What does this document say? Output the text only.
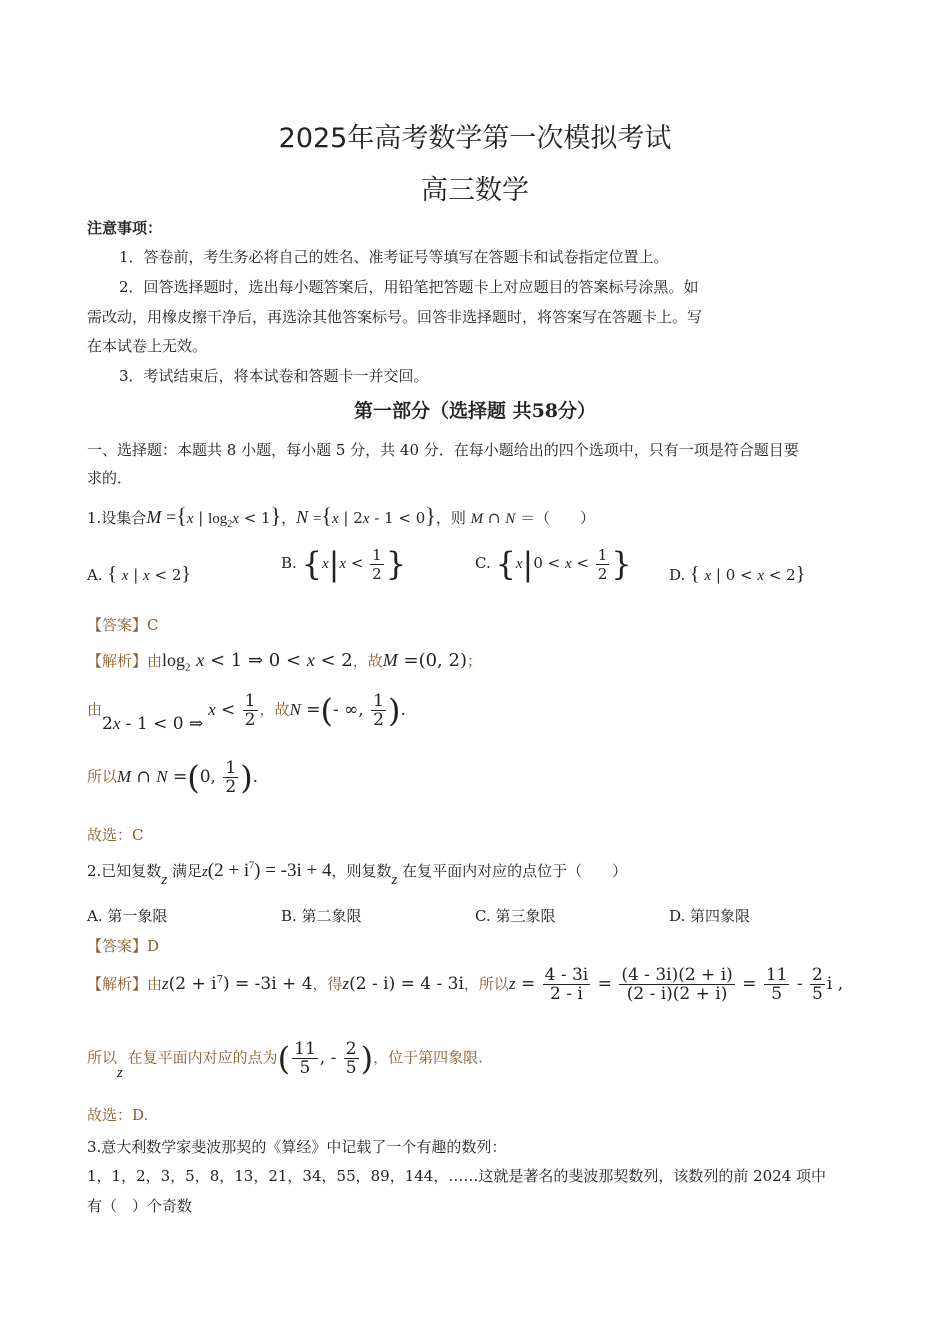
2025年高考数学第一次模拟考试
高三数学
注意事项：
1．答卷前，考生务必将自己的姓名、准考证号等填写在答题卡和试卷指定位置上。
2．回答选择题时，选出每小题答案后，用铅笔把答题卡上对应题目的答案标号涂黑。如
需改动，用橡皮擦干净后，再选涂其他答案标号。回答非选择题时，将答案写在答题卡上。写
在本试卷上无效。
3．考试结束后，将本试卷和答题卡一并交回。
第一部分（选择题 共58分）
一、选择题：本题共 8 小题，每小题 5 分，共 40 分．在每小题给出的四个选项中，只有一项是符合题目要
求的．
1.设集合M ={x | $\log_2x < 1$}，N ={x | 2x - 1 < 0}，则 M ∩ N ＝（　　）
A. { x | x < 2}	B. {$x|x < \frac{1}{2}$ }	C. {$x|0 < x < \frac{1}{2}$ } D. { x | 0 < x < 2}
【答案】C
【解析】由$\log_2 x < 1$ ⇒ 0 < x < 2，故M =(0, 2)；
由2x - 1 < 0 ⇒ $x < \frac{1}{2}$ ，故N =(- ∞, $\frac{1}{2}$ ).
所以M ∩ N =(0, $\frac{1}{2}$ ).
故选：C
2.已知复数z 满足$z(2 + i^7) = -3i + 4$，则复数z 在复平面内对应的点位于（　　）
A. 第一象限	B. 第二象限	C. 第三象限	D. 第四象限
【答案】D
【解析】由$z(2 + i^7) = -3i + 4$，得z(2 - i) = 4 - 3i，所以$z = \frac{4 - 3i}{2 - i} = \frac{(4 - 3i)(2 + i)}{(2 - i)(2 + i)} = \frac{11}{5} - \frac{2}{5}$ i ,
所以z 在复平面内对应的点为( $\frac{11}{5}$ , - $\frac{2}{5}$ )，位于第四象限.
故选：D.
3.意大利数学家斐波那契的《算经》中记载了一个有趣的数列：
1，1，2，3，5，8，13，21，34，55，89，144，……这就是著名的斐波那契数列，该数列的前 2024 项中
有（　）个奇数
